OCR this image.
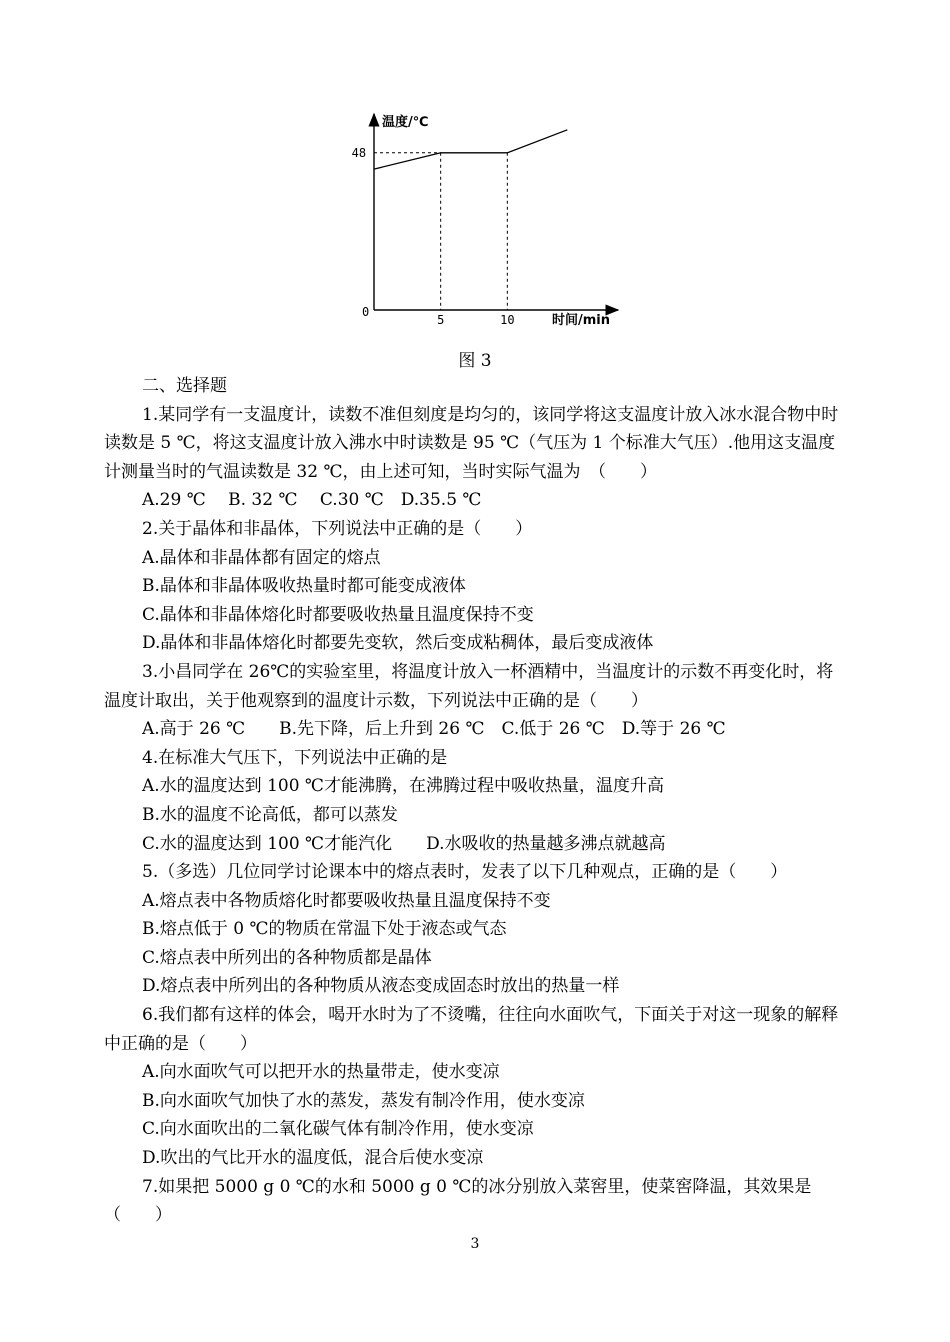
温度/℃
时间/min
0
5	10
48
图 3

二、选择题

1.某同学有一支温度计，读数不准但刻度是均匀的，该同学将这支温度计放入冰水混合物中时读数是 5 ℃，将这支温度计放入沸水中时读数是 95 ℃（气压为 1 个标准大气压）.他用这支温度计测量当时的气温读数是 32 ℃，由上述可知，当时实际气温为　（　　）

A.29 ℃　 B. 32 ℃　 C.30 ℃　D.35.5 ℃

2.关于晶体和非晶体，下列说法中正确的是（　　）

A.晶体和非晶体都有固定的熔点

B.晶体和非晶体吸收热量时都可能变成液体

C.晶体和非晶体熔化时都要吸收热量且温度保持不变

D.晶体和非晶体熔化时都要先变软，然后变成粘稠体，最后变成液体

3.小昌同学在 26℃的实验室里，将温度计放入一杯酒精中，当温度计的示数不再变化时，将温度计取出，关于他观察到的温度计示数，下列说法中正确的是（　　）

A.高于 26 ℃　　B.先下降，后上升到 26 ℃　C.低于 26 ℃　D.等于 26 ℃

4.在标准大气压下，下列说法中正确的是

A.水的温度达到 100 ℃才能沸腾，在沸腾过程中吸收热量，温度升高

B.水的温度不论高低，都可以蒸发

C.水的温度达到 100 ℃才能汽化　　D.水吸收的热量越多沸点就越高

5.（多选）几位同学讨论课本中的熔点表时，发表了以下几种观点，正确的是（　　）

A.熔点表中各物质熔化时都要吸收热量且温度保持不变

B.熔点低于 0 ℃的物质在常温下处于液态或气态

C.熔点表中所列出的各种物质都是晶体

D.熔点表中所列出的各种物质从液态变成固态时放出的热量一样

6.我们都有这样的体会，喝开水时为了不烫嘴，往往向水面吹气，下面关于对这一现象的解释中正确的是（　　）

A.向水面吹气可以把开水的热量带走，使水变凉

B.向水面吹气加快了水的蒸发，蒸发有制冷作用，使水变凉

C.向水面吹出的二氧化碳气体有制冷作用，使水变凉

D.吹出的气比开水的温度低，混合后使水变凉

7.如果把 5000 g 0 ℃的水和 5000 g 0 ℃的冰分别放入菜窖里，使菜窖降温，其效果是（　　）

3
